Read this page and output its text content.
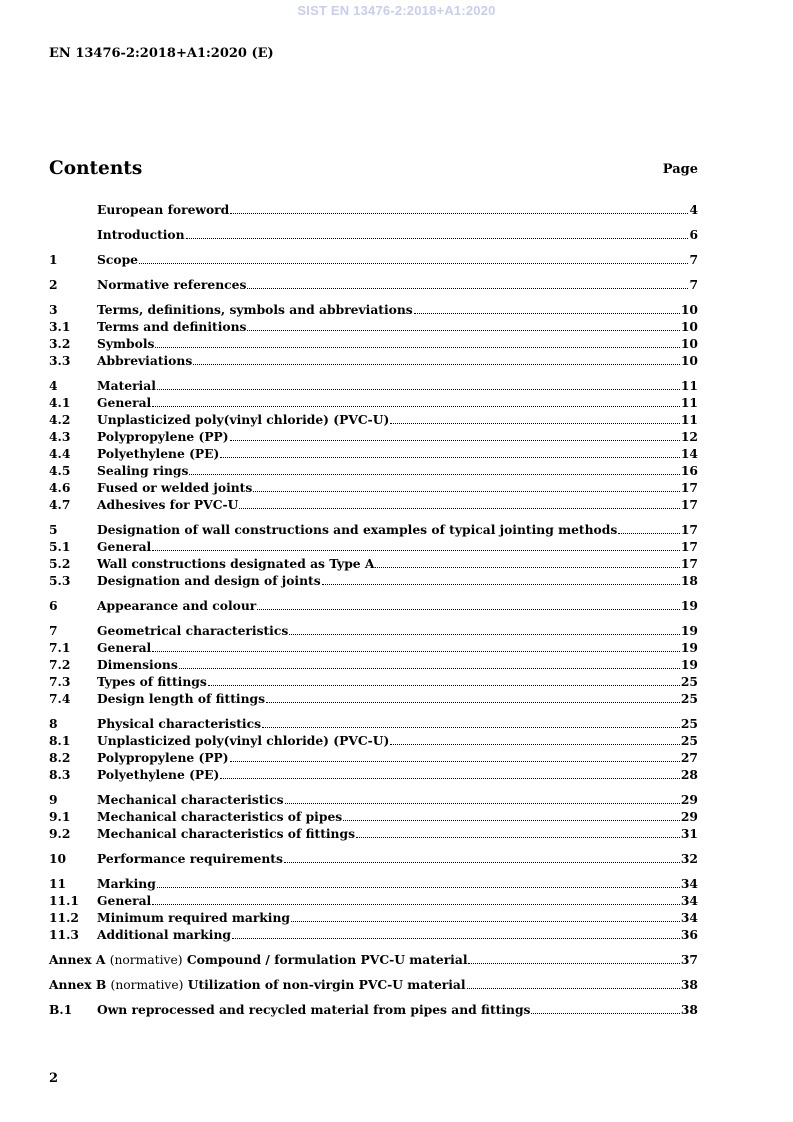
SIST EN 13476-2:2018+A1:2020
EN 13476-2:2018+A1:2020 (E)
Contents	Page
European foreword	4
Introduction	6
1	Scope	7
2	Normative references	7
3	Terms, definitions, symbols and abbreviations	10
3.1	Terms and definitions	10
3.2	Symbols	10
3.3	Abbreviations	10
4	Material	11
4.1	General	11
4.2	Unplasticized poly(vinyl chloride) (PVC-U)	11
4.3	Polypropylene (PP)	12
4.4	Polyethylene (PE)	14
4.5	Sealing rings	16
4.6	Fused or welded joints	17
4.7	Adhesives for PVC-U	17
5	Designation of wall constructions and examples of typical jointing methods	17
5.1	General	17
5.2	Wall constructions designated as Type A	17
5.3	Designation and design of joints	18
6	Appearance and colour	19
7	Geometrical characteristics	19
7.1	General	19
7.2	Dimensions	19
7.3	Types of fittings	25
7.4	Design length of fittings	25
8	Physical characteristics	25
8.1	Unplasticized poly(vinyl chloride) (PVC-U)	25
8.2	Polypropylene (PP)	27
8.3	Polyethylene (PE)	28
9	Mechanical characteristics	29
9.1	Mechanical characteristics of pipes	29
9.2	Mechanical characteristics of fittings	31
10	Performance requirements	32
11	Marking	34
11.1	General	34
11.2	Minimum required marking	34
11.3	Additional marking	36
Annex A (normative) Compound / formulation PVC-U material	37
Annex B (normative) Utilization of non-virgin PVC-U material	38
B.1	Own reprocessed and recycled material from pipes and fittings	38
2
